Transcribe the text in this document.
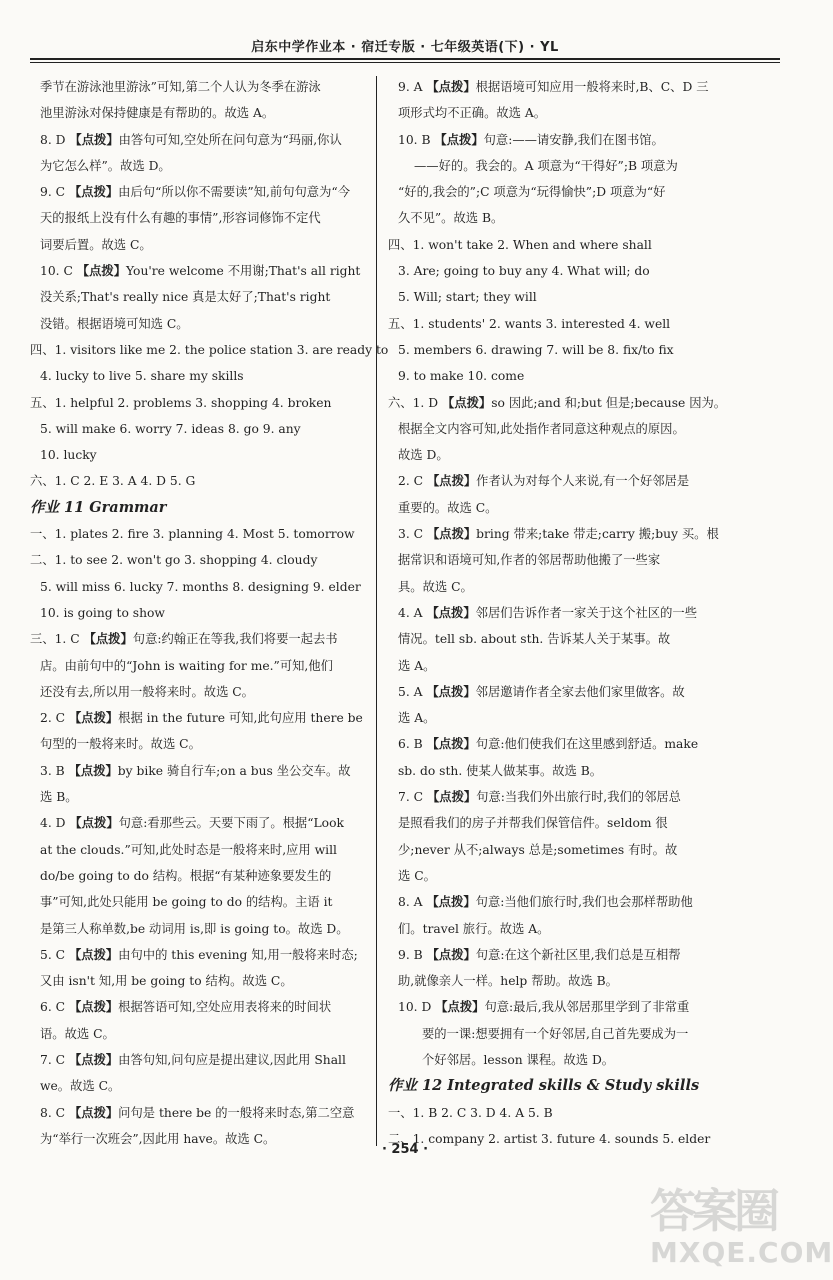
启东中学作业本 · 宿迁专版 · 七年级英语(下) · YL
季节在游泳池里游泳”可知,第二个人认为冬季在游泳
池里游泳对保持健康是有帮助的。故选 A。
8. D 【点拨】由答句可知,空处所在问句意为“玛丽,你认
为它怎么样”。故选 D。
9. C 【点拨】由后句“所以你不需要读”知,前句句意为“今
天的报纸上没有什么有趣的事情”,形容词修饰不定代
词要后置。故选 C。
10. C 【点拨】You're welcome 不用谢;That's all right
没关系;That's really nice 真是太好了;That's right
没错。根据语境可知选 C。
四、1. visitors like me 2. the police station 3. are ready to
4. lucky to live 5. share my skills
五、1. helpful 2. problems 3. shopping 4. broken
5. will make 6. worry 7. ideas 8. go 9. any
10. lucky
六、1. C 2. E 3. A 4. D 5. G
作业 11 Grammar
一、1. plates 2. fire 3. planning 4. Most 5. tomorrow
二、1. to see 2. won't go 3. shopping 4. cloudy
5. will miss 6. lucky 7. months 8. designing 9. elder
10. is going to show
三、1. C 【点拨】句意:约翰正在等我,我们将要一起去书
店。由前句中的“John is waiting for me.”可知,他们
还没有去,所以用一般将来时。故选 C。
2. C 【点拨】根据 in the future 可知,此句应用 there be
句型的一般将来时。故选 C。
3. B 【点拨】by bike 骑自行车;on a bus 坐公交车。故
选 B。
4. D 【点拨】句意:看那些云。天要下雨了。根据“Look
at the clouds.”可知,此处时态是一般将来时,应用 will
do/be going to do 结构。根据“有某种迹象要发生的
事”可知,此处只能用 be going to do 的结构。主语 it
是第三人称单数,be 动词用 is,即 is going to。故选 D。
5. C 【点拨】由句中的 this evening 知,用一般将来时态;
又由 isn't 知,用 be going to 结构。故选 C。
6. C 【点拨】根据答语可知,空处应用表将来的时间状
语。故选 C。
7. C 【点拨】由答句知,问句应是提出建议,因此用 Shall
we。故选 C。
8. C 【点拨】问句是 there be 的一般将来时态,第二空意
为“举行一次班会”,因此用 have。故选 C。
9. A 【点拨】根据语境可知应用一般将来时,B、C、D 三
项形式均不正确。故选 A。
10. B 【点拨】句意:——请安静,我们在图书馆。
——好的。我会的。A 项意为“干得好”;B 项意为
“好的,我会的”;C 项意为“玩得愉快”;D 项意为“好
久不见”。故选 B。
四、1. won't take 2. When and where shall
3. Are; going to buy any 4. What will; do
5. Will; start; they will
五、1. students' 2. wants 3. interested 4. well
5. members 6. drawing 7. will be 8. fix/to fix
9. to make 10. come
六、1. D 【点拨】so 因此;and 和;but 但是;because 因为。
根据全文内容可知,此处指作者同意这种观点的原因。
故选 D。
2. C 【点拨】作者认为对每个人来说,有一个好邻居是
重要的。故选 C。
3. C 【点拨】bring 带来;take 带走;carry 搬;buy 买。根
据常识和语境可知,作者的邻居帮助他搬了一些家
具。故选 C。
4. A 【点拨】邻居们告诉作者一家关于这个社区的一些
情况。tell sb. about sth. 告诉某人关于某事。故
选 A。
5. A 【点拨】邻居邀请作者全家去他们家里做客。故
选 A。
6. B 【点拨】句意:他们使我们在这里感到舒适。make
sb. do sth. 使某人做某事。故选 B。
7. C 【点拨】句意:当我们外出旅行时,我们的邻居总
是照看我们的房子并帮我们保管信件。seldom 很
少;never 从不;always 总是;sometimes 有时。故
选 C。
8. A 【点拨】句意:当他们旅行时,我们也会那样帮助他
们。travel 旅行。故选 A。
9. B 【点拨】句意:在这个新社区里,我们总是互相帮
助,就像亲人一样。help 帮助。故选 B。
10. D 【点拨】句意:最后,我从邻居那里学到了非常重
要的一课:想要拥有一个好邻居,自己首先要成为一
个好邻居。lesson 课程。故选 D。
作业 12 Integrated skills & Study skills
一、1. B 2. C 3. D 4. A 5. B
二、1. company 2. artist 3. future 4. sounds 5. elder
· 254 ·
答案圈
MXQE.COM
